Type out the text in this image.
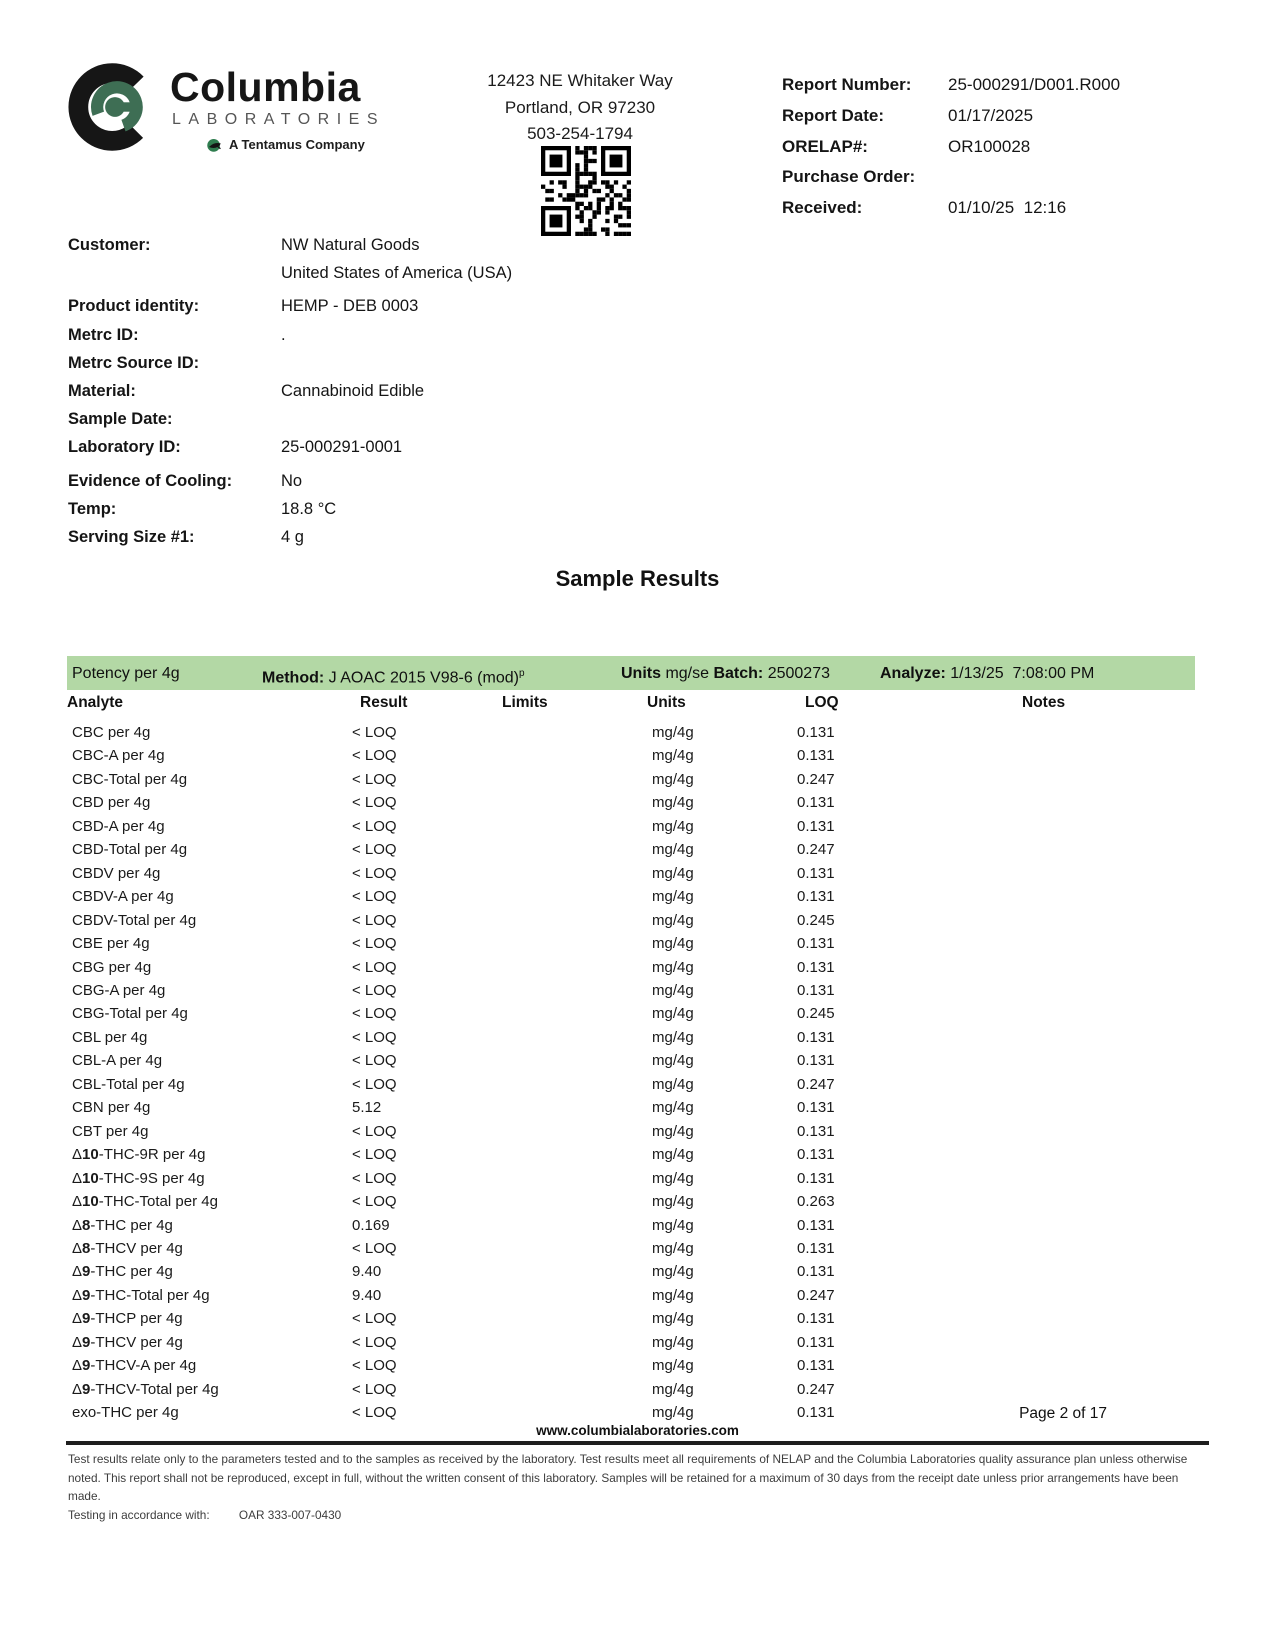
Columbia
LABORATORIES
A Tentamus Company
12423 NE Whitaker Way
Portland, OR 97230
503-254-1794
Report Number:	25-000291/D001.R000
Report Date:	01/17/2025
ORELAP#:	OR100028
Purchase Order:
Received:	01/10/25  12:16
Customer:	NW Natural Goods
United States of America (USA)
Product identity:	HEMP - DEB 0003
Metrc ID:	.
Metrc Source ID:
Material:	Cannabinoid Edible
Sample Date:
Laboratory ID:	25-000291-0001
Evidence of Cooling:	No
Temp:	18.8 °C
Serving Size #1:	4 g
Sample Results
Potency per 4g	Method: J AOAC 2015 V98-6 (mod)$^p$	Units mg/se Batch: 2500273	Analyze: 1/13/25  7:08:00 PM
Analyte	Result	Limits	Units	LOQ	Notes
CBC per 4g	< LOQ		mg/4g	0.131	
CBC-A per 4g	< LOQ		mg/4g	0.131	
CBC-Total per 4g	< LOQ		mg/4g	0.247	
CBD per 4g	< LOQ		mg/4g	0.131	
CBD-A per 4g	< LOQ		mg/4g	0.131	
CBD-Total per 4g	< LOQ		mg/4g	0.247	
CBDV per 4g	< LOQ		mg/4g	0.131	
CBDV-A per 4g	< LOQ		mg/4g	0.131	
CBDV-Total per 4g	< LOQ		mg/4g	0.245	
CBE per 4g	< LOQ		mg/4g	0.131	
CBG per 4g	< LOQ		mg/4g	0.131	
CBG-A per 4g	< LOQ		mg/4g	0.131	
CBG-Total per 4g	< LOQ		mg/4g	0.245	
CBL per 4g	< LOQ		mg/4g	0.131	
CBL-A per 4g	< LOQ		mg/4g	0.131	
CBL-Total per 4g	< LOQ		mg/4g	0.247	
CBN per 4g	5.12		mg/4g	0.131	
CBT per 4g	< LOQ		mg/4g	0.131	
Δ10-THC-9R per 4g	< LOQ		mg/4g	0.131	
Δ10-THC-9S per 4g	< LOQ		mg/4g	0.131	
Δ10-THC-Total per 4g	< LOQ		mg/4g	0.263	
Δ8-THC per 4g	0.169		mg/4g	0.131	
Δ8-THCV per 4g	< LOQ		mg/4g	0.131	
Δ9-THC per 4g	9.40		mg/4g	0.131	
Δ9-THC-Total per 4g	9.40		mg/4g	0.247	
Δ9-THCP per 4g	< LOQ		mg/4g	0.131	
Δ9-THCV per 4g	< LOQ		mg/4g	0.131	
Δ9-THCV-A per 4g	< LOQ		mg/4g	0.131	
Δ9-THCV-Total per 4g	< LOQ		mg/4g	0.247	
exo-THC per 4g	< LOQ		mg/4g	0.131		Page 2 of 17
www.columbialaboratories.com
Test results relate only to the parameters tested and to the samples as received by the laboratory. Test results meet all requirements of NELAP and the Columbia Laboratories quality assurance plan unless otherwise noted. This report shall not be reproduced, except in full, without the written consent of this laboratory. Samples will be retained for a maximum of 30 days from the receipt date unless prior arrangements have been made.
Testing in accordance with: OAR 333-007-0430
